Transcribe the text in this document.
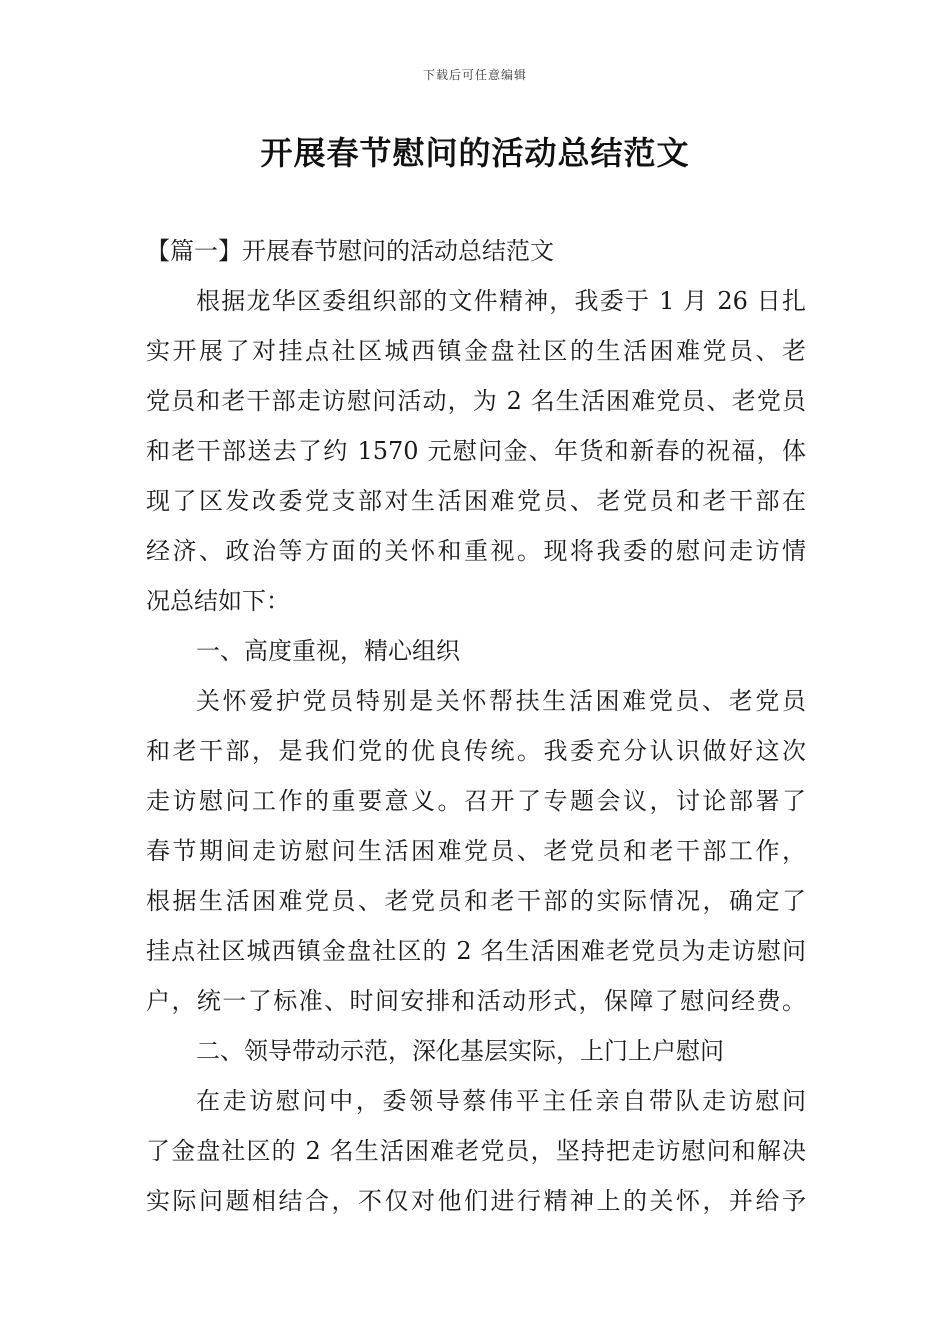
下载后可任意编辑
开展春节慰问的活动总结范文
【篇一】开展春节慰问的活动总结范文
根据龙华区委组织部的文件精神，我委于 1 月 26 日扎
实开展了对挂点社区城西镇金盘社区的生活困难党员、老
党员和老干部走访慰问活动，为 2 名生活困难党员、老党员
和老干部送去了约 1570 元慰问金、年货和新春的祝福，体
现了区发改委党支部对生活困难党员、老党员和老干部在
经济、政治等方面的关怀和重视。现将我委的慰问走访情
况总结如下：
一、高度重视，精心组织
关怀爱护党员特别是关怀帮扶生活困难党员、老党员
和老干部，是我们党的优良传统。我委充分认识做好这次
走访慰问工作的重要意义。召开了专题会议，讨论部署了
春节期间走访慰问生活困难党员、老党员和老干部工作，
根据生活困难党员、老党员和老干部的实际情况，确定了
挂点社区城西镇金盘社区的 2 名生活困难老党员为走访慰问
户，统一了标准、时间安排和活动形式，保障了慰问经费。
二、领导带动示范，深化基层实际，上门上户慰问
在走访慰问中，委领导蔡伟平主任亲自带队走访慰问
了金盘社区的 2 名生活困难老党员，坚持把走访慰问和解决
实际问题相结合，不仅对他们进行精神上的关怀，并给予
